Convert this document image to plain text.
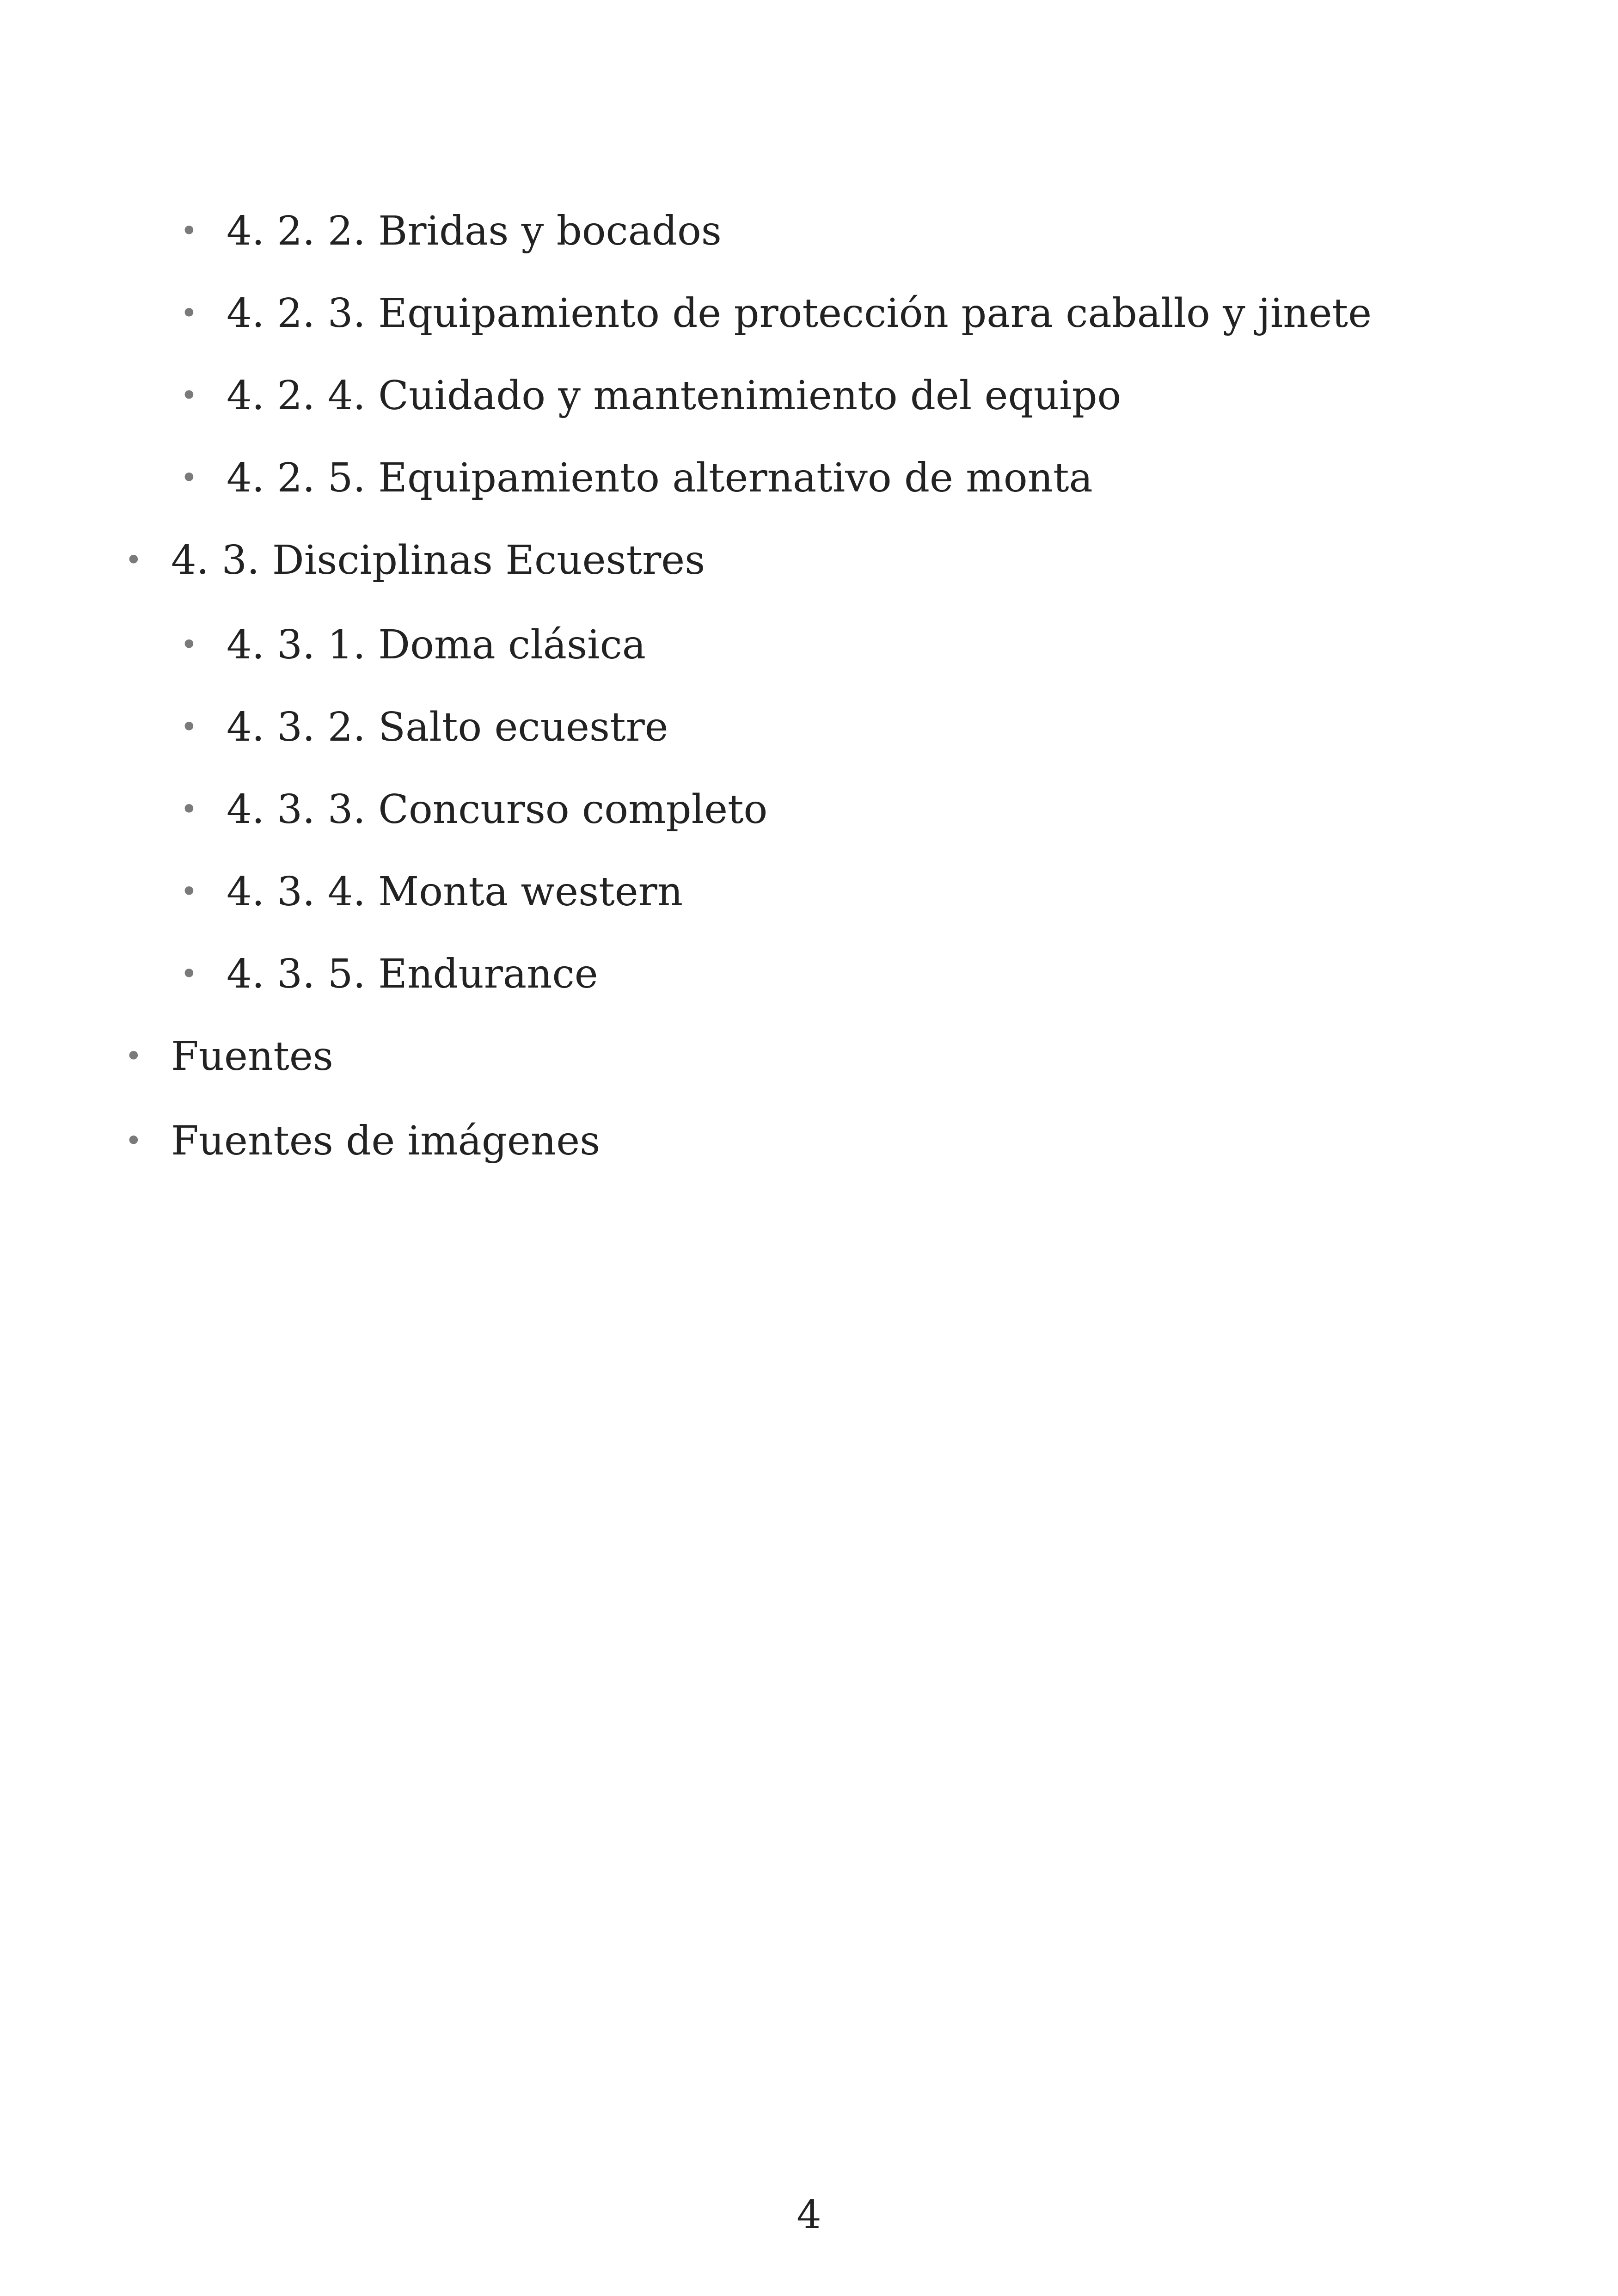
• 4. 2. 2. Bridas y bocados
• 4. 2. 3. Equipamiento de protección para caballo y jinete
• 4. 2. 4. Cuidado y mantenimiento del equipo
• 4. 2. 5. Equipamiento alternativo de monta
• 4. 3. Disciplinas Ecuestres
• 4. 3. 1. Doma clásica
• 4. 3. 2. Salto ecuestre
• 4. 3. 3. Concurso completo
• 4. 3. 4. Monta western
• 4. 3. 5. Endurance
• Fuentes
• Fuentes de imágenes
4
